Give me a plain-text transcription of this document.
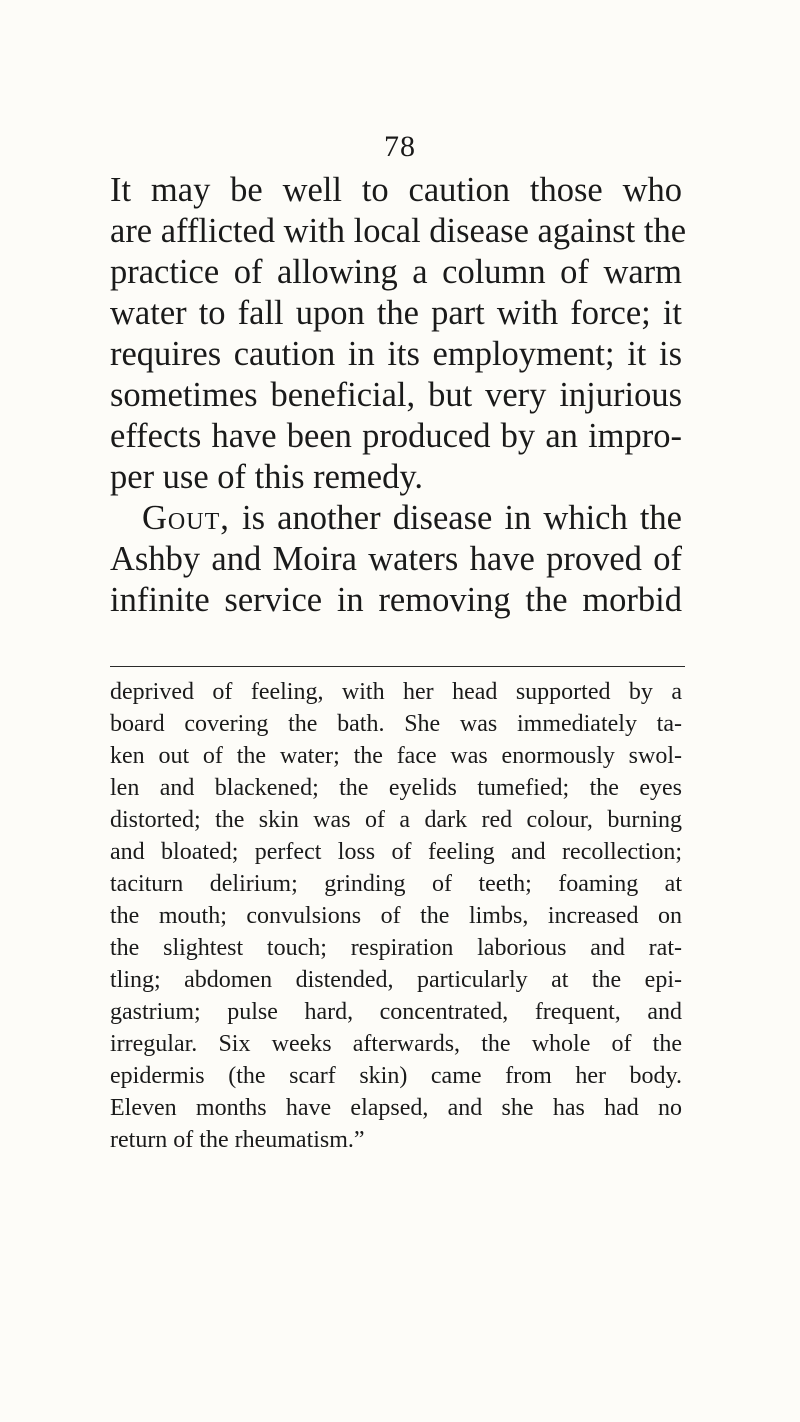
78
It may be well to caution those who
are afflicted with local disease against the
practice of allowing a column of warm
water to fall upon the part with force; it
requires caution in its employment; it is
sometimes beneficial, but very injurious
effects have been produced by an impro-
per use of this remedy.
Gout, is another disease in which the
Ashby and Moira waters have proved of
infinite service in removing the morbid
deprived of feeling, with her head supported by a
board covering the bath. She was immediately ta-
ken out of the water; the face was enormously swol-
len and blackened; the eyelids tumefied; the eyes
distorted; the skin was of a dark red colour, burning
and bloated; perfect loss of feeling and recollection;
taciturn delirium; grinding of teeth; foaming at
the mouth; convulsions of the limbs, increased on
the slightest touch; respiration laborious and rat-
tling; abdomen distended, particularly at the epi-
gastrium; pulse hard, concentrated, frequent, and
irregular. Six weeks afterwards, the whole of the
epidermis (the scarf skin) came from her body.
Eleven months have elapsed, and she has had no
return of the rheumatism.”
